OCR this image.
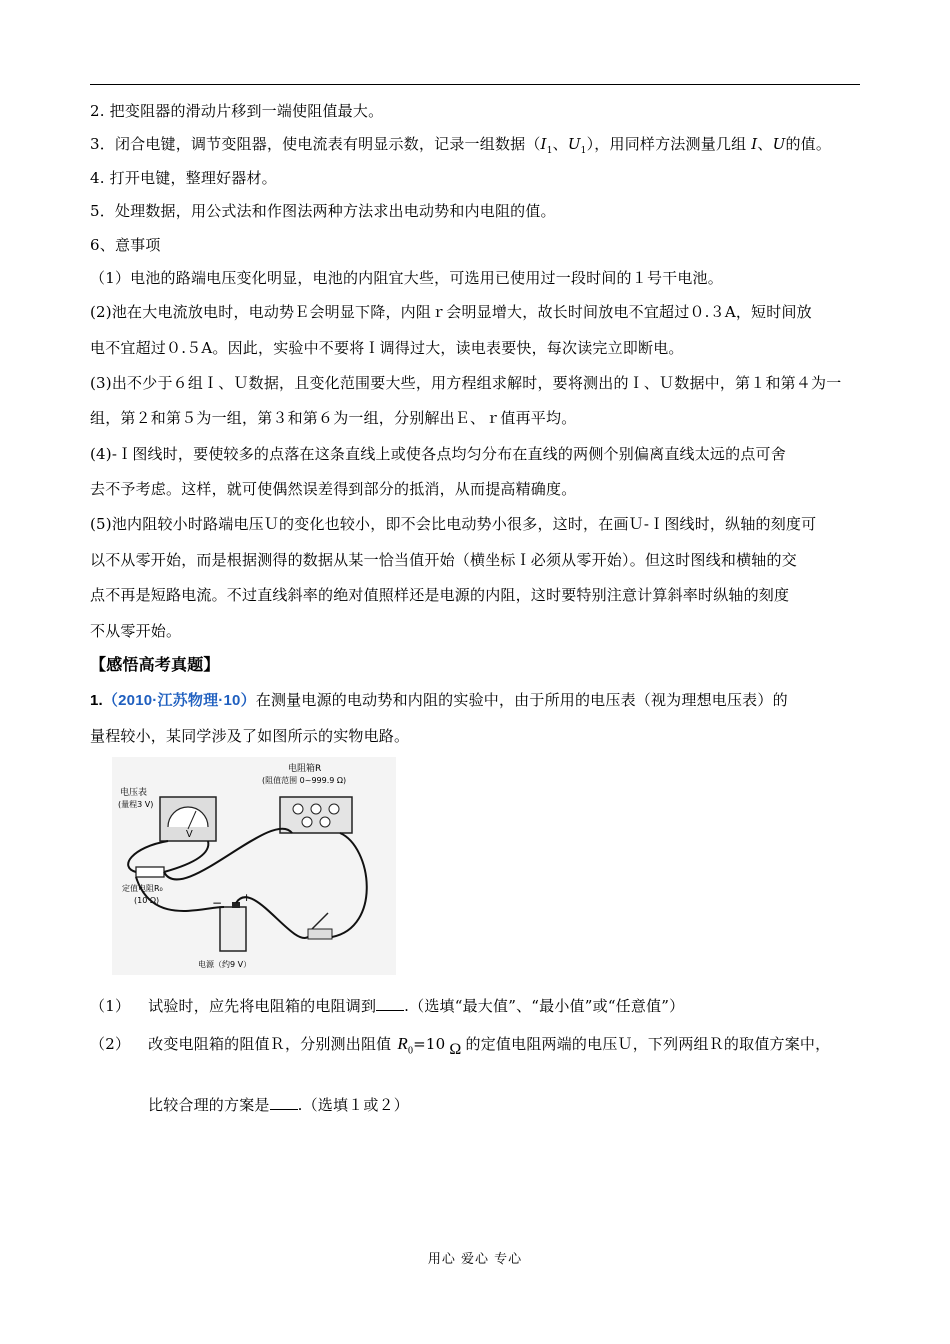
2. 把变阻器的滑动片移到一端使阻值最大。
3．闭合电键，调节变阻器，使电流表有明显示数，记录一组数据（$I_1$、$U_1$），用同样方法测量几组 I、U的值。
4. 打开电键，整理好器材。
5．处理数据，用公式法和作图法两种方法求出电动势和内电阻的值。
6、意事项
（1）电池的路端电压变化明显，电池的内阻宜大些，可选用已使用过一段时间的１号干电池。
(2)池在大电流放电时，电动势Ｅ会明显下降，内阻ｒ会明显增大，故长时间放电不宜超过０.３A，短时间放
电不宜超过０.５A。因此，实验中不要将Ｉ调得过大，读电表要快，每次读完立即断电。
(3)出不少于６组Ｉ、Ｕ数据，且变化范围要大些，用方程组求解时，要将测出的Ｉ、Ｕ数据中，第１和第４为一
组，第２和第５为一组，第３和第６为一组，分别解出Ｅ、ｒ值再平均。
(4)-Ｉ图线时，要使较多的点落在这条直线上或使各点均匀分布在直线的两侧个别偏离直线太远的点可舍
去不予考虑。这样，就可使偶然误差得到部分的抵消，从而提高精确度。
(5)池内阻较小时路端电压Ｕ的变化也较小，即不会比电动势小很多，这时，在画Ｕ-Ｉ图线时，纵轴的刻度可
以不从零开始，而是根据测得的数据从某一恰当值开始（横坐标Ｉ必须从零开始）。但这时图线和横轴的交
点不再是短路电流。不过直线斜率的绝对值照样还是电源的内阻，这时要特别注意计算斜率时纵轴的刻度
不从零开始。
【感悟高考真题】
1.（2010·江苏物理·10）在测量电源的电动势和内阻的实验中，由于所用的电压表（视为理想电压表）的
量程较小，某同学涉及了如图所示的实物电路。
V
电压表
(量程3 V)
电阻箱R
(阻值范围 0~999.9 Ω)
定值电阻R₀
(10 Ω)	− +
电源（约9 V）
（1） 试验时，应先将电阻箱的电阻调到 .（选填“最大值”、“最小值”或“任意值”）
（2） 改变电阻箱的阻值Ｒ，分别测出阻值 $R_0=10$ Ω 的定值电阻两端的电压Ｕ，下列两组Ｒ的取值方案中，
比较合理的方案是 .（选填１或２）
用心 爱心 专心
